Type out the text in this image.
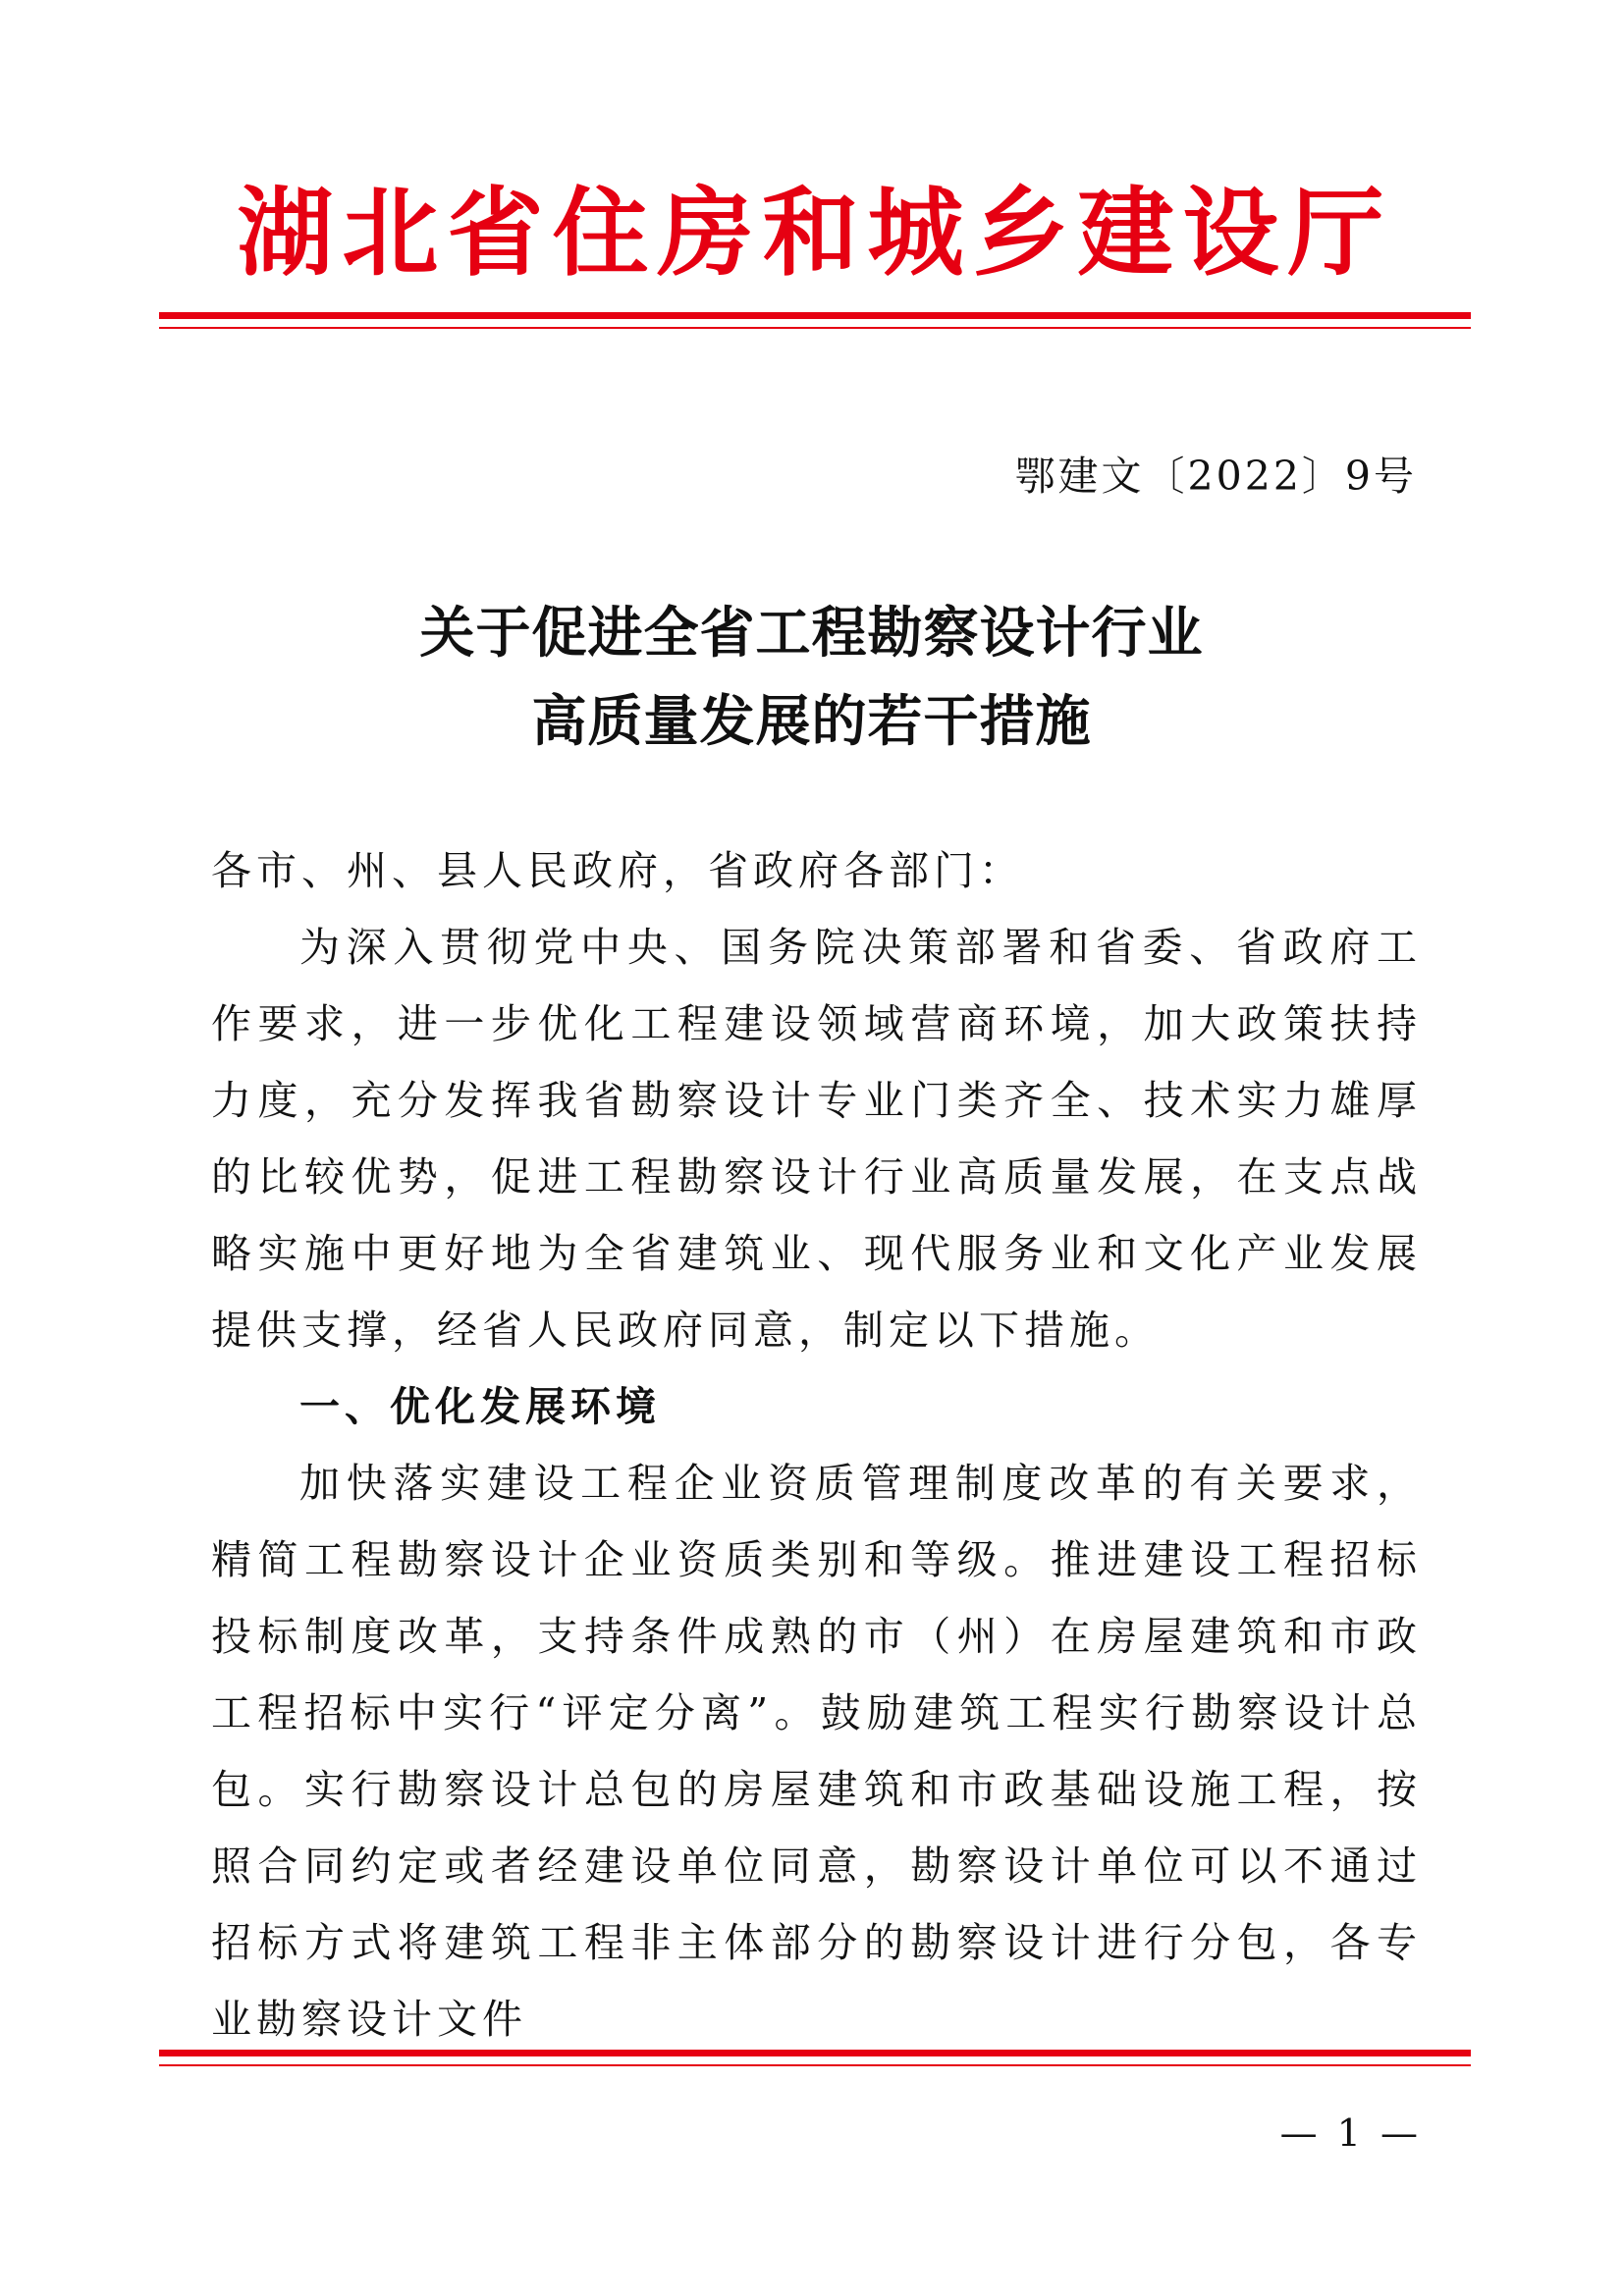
湖北省住房和城乡建设厅
鄂建文〔2022〕9号
关于促进全省工程勘察设计行业
高质量发展的若干措施

各市、州、县人民政府，省政府各部门：

为深入贯彻党中央、国务院决策部署和省委、省政府工作要求，进一步优化工程建设领域营商环境，加大政策扶持力度，充分发挥我省勘察设计专业门类齐全、技术实力雄厚的比较优势，促进工程勘察设计行业高质量发展，在支点战略实施中更好地为全省建筑业、现代服务业和文化产业发展提供支撑，经省人民政府同意，制定以下措施。

一、优化发展环境

加快落实建设工程企业资质管理制度改革的有关要求，精简工程勘察设计企业资质类别和等级。推进建设工程招标投标制度改革，支持条件成熟的市（州）在房屋建筑和市政工程招标中实行“评定分离”。鼓励建筑工程实行勘察设计总包。实行勘察设计总包的房屋建筑和市政基础设施工程，按照合同约定或者经建设单位同意，勘察设计单位可以不通过招标方式将建筑工程非主体部分的勘察设计进行分包，各专业勘察设计文件

— 1 —
